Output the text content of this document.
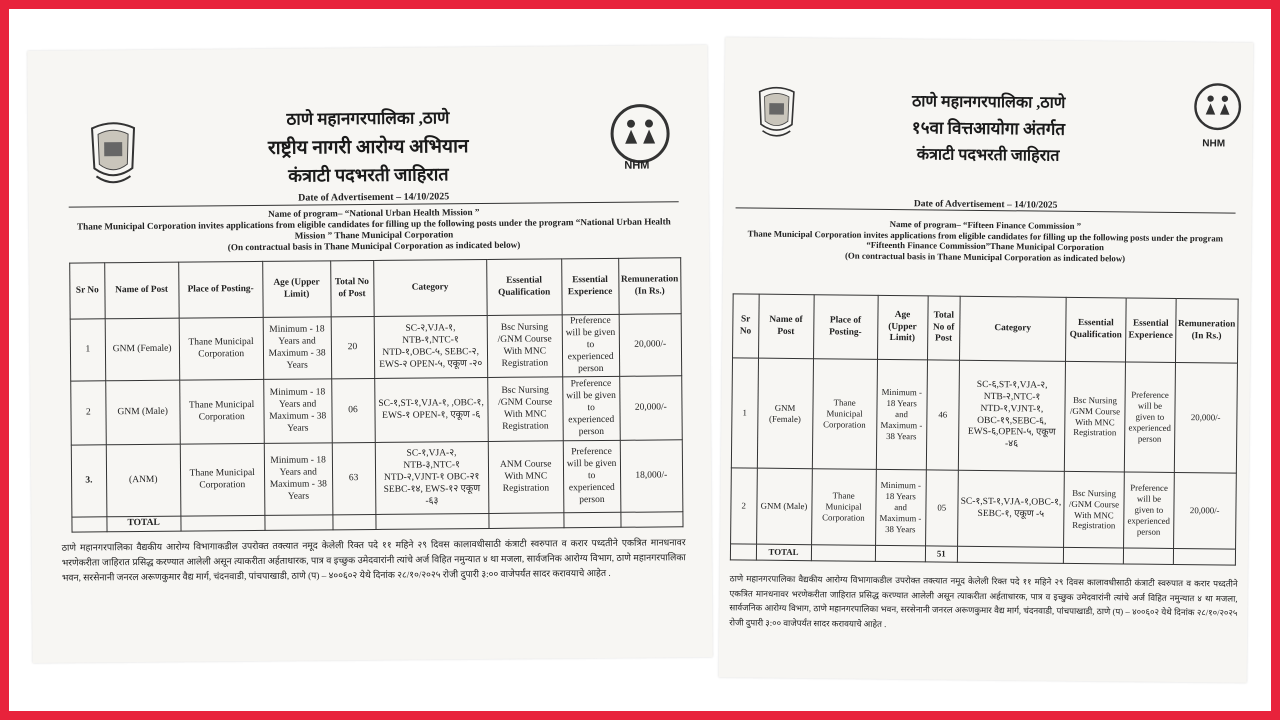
NHM
ठाणे महानगरपालिका ,ठाणे
राष्ट्रीय नागरी आरोग्य अभियान
कंत्राटी पदभरती जाहिरात
Date of Advertisement – 14/10/2025
Name of program– “National Urban Health Mission ”
Thane Municipal Corporation invites applications from eligible candidates for filling up the following posts under the program “National Urban Health Mission ” Thane Municipal Corporation
(On contractual basis in Thane Municipal Corporation as indicated below)
Sr No	Name of Post	Place of Posting-	Age (Upper Limit)	Total No of Post	Category	Essential Qualification	Essential Experience	Remuneration (In Rs.)
1	GNM (Female)	Thane Municipal Corporation	Minimum - 18 Years and Maximum - 38 Years	20	SC-२,VJA-१, NTB-१,NTC-१ NTD-१,OBC-५, SEBC-२, EWS-२ OPEN-५, एकूण -२०	Bsc Nursing /GNM Course With MNC Registration	Preference will be given to experienced person	20,000/-
2	GNM (Male)	Thane Municipal Corporation	Minimum - 18 Years and Maximum - 38 Years	06	SC-१,ST-१,VJA-१, ,OBC-१, EWS-१ OPEN-१, एकूण -६	Bsc Nursing /GNM Course With MNC Registration	Preference will be given to experienced person	20,000/-
3.	(ANM)	Thane Municipal Corporation	Minimum - 18 Years and Maximum - 38 Years	63	SC-१,VJA-२, NTB-३,NTC-१ NTD-२,VJNT-१ OBC-२१ SEBC-१४, EWS-१२ एकूण -६३	ANM Course With MNC Registration	Preference will be given to experienced person	18,000/-
	TOTAL							
ठाणे महानगरपालिका वैद्यकीय आरोग्य विभागाकडील उपरोक्त तक्त्यात नमूद केलेली रिक्त पदे ११ महिने २९ दिवस कालावधीसाठी कंत्राटी स्वरुपात व करार पध्दतीने एकत्रित मानधनावर भरणेकरीता जाहिरात प्रसिद्ध करण्यात आलेली असून त्याकरीता अर्हताधारक, पात्र व इच्छुक उमेदवारांनी त्यांचे अर्ज विहित नमुन्यात ४ था मजला, सार्वजनिक आरोग्य विभाग, ठाणे महानगरपालिका भवन, सरसेनानी जनरल अरूणकुमार वैद्य मार्ग, चंदनवाडी, पांचपाखाडी, ठाणे (प) – ४००६०२ येथे दिनांक २८/१०/२०२५ रोजी दुपारी ३:०० वाजेपर्यंत सादर करावयाचे आहेत .
NHM
ठाणे महानगरपालिका ,ठाणे
१५वा वित्तआयोगा अंतर्गत
कंत्राटी पदभरती जाहिरात
Date of Advertisement – 14/10/2025
Name of program– “Fifteen Finance Commission ”
Thane Municipal Corporation invites applications from eligible candidates for filling up the following posts under the program “Fifteenth Finance Commission”Thane Municipal Corporation
(On contractual basis in Thane Municipal Corporation as indicated below)
Sr No	Name of Post	Place of Posting-	Age (Upper Limit)	Total No of Post	Category	Essential Qualification	Essential Experience	Remuneration (In Rs.)
1	GNM (Female)	Thane Municipal Corporation	Minimum - 18 Years and Maximum - 38 Years	46	SC-६,ST-१,VJA-२, NTB-२,NTC-१ NTD-१,VJNT-१, OBC-१९,SEBC-६, EWS-६,OPEN-५, एकूण -४६	Bsc Nursing /GNM Course With MNC Registration	Preference will be given to experienced person	20,000/-
2	GNM (Male)	Thane Municipal Corporation	Minimum - 18 Years and Maximum - 38 Years	05	SC-१,ST-१,VJA-१,OBC-१, SEBC-१, एकूण -५	Bsc Nursing /GNM Course With MNC Registration	Preference will be given to experienced person	20,000/-
	TOTAL			51				
ठाणे महानगरपालिका वैद्यकीय आरोग्य विभागाकडील उपरोक्त तक्त्यात नमूद केलेली रिक्त पदे ११ महिने २९ दिवस कालावधीसाठी कंत्राटी स्वरुपात व करार पध्दतीने एकत्रित मानधनावर भरणेकरीता जाहिरात प्रसिद्ध करण्यात आलेली असून त्याकरीता अर्हताधारक, पात्र व इच्छुक उमेदवारांनी त्यांचे अर्ज विहित नमुन्यात ४ था मजला, सार्वजनिक आरोग्य विभाग, ठाणे महानगरपालिका भवन, सरसेनानी जनरल अरूणकुमार वैद्य मार्ग, चंदनवाडी, पांचपाखाडी, ठाणे (प) – ४००६०२ येथे दिनांक २८/१०/२०२५ रोजी दुपारी ३:०० वाजेपर्यंत सादर करावयाचे आहेत .
